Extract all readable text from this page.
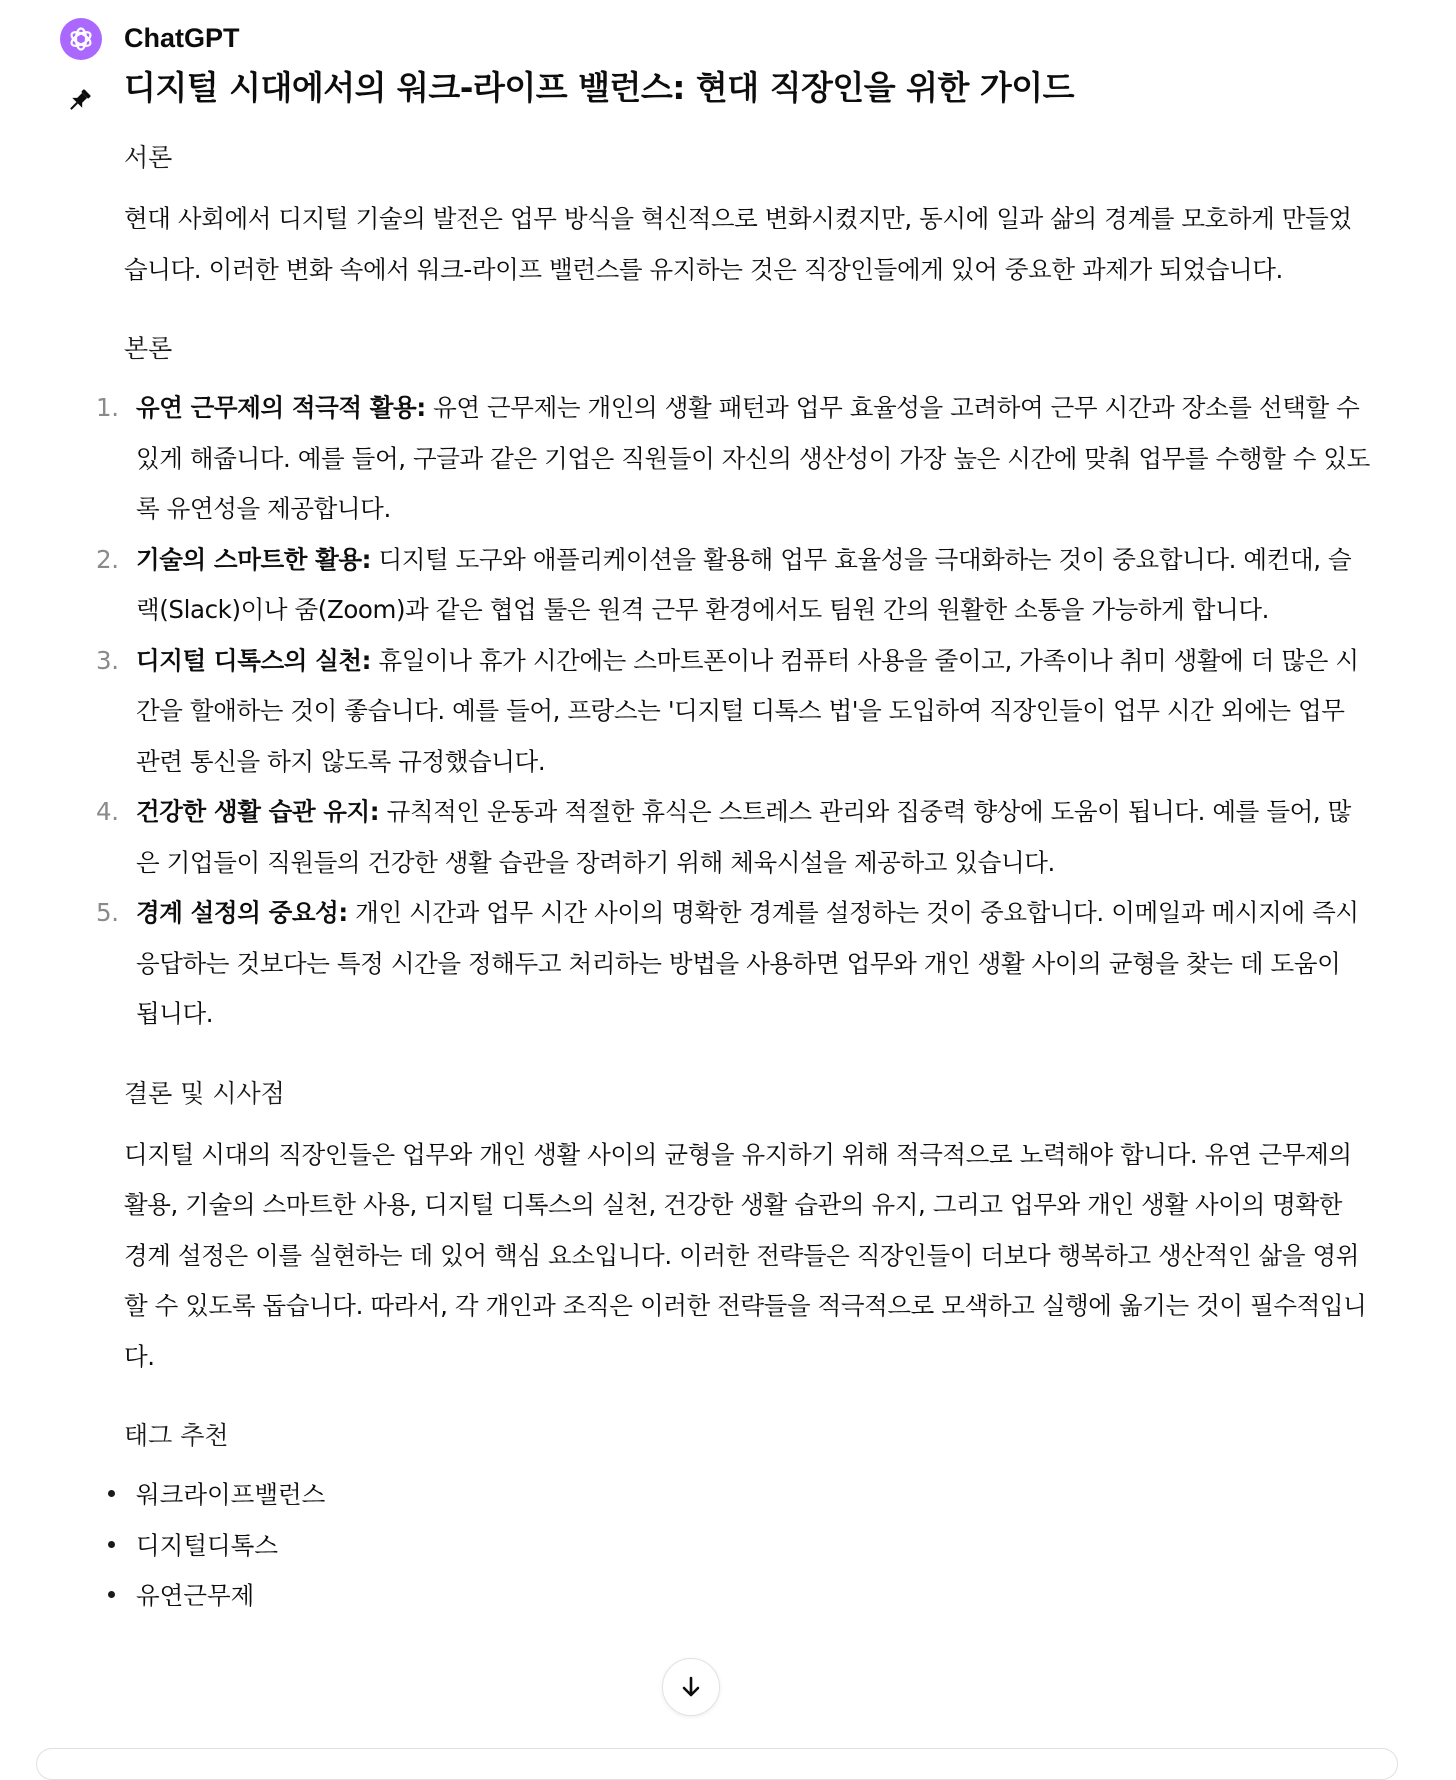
ChatGPT
디지털 시대에서의 워크-라이프 밸런스: 현대 직장인을 위한 가이드

서론

현대 사회에서 디지털 기술의 발전은 업무 방식을 혁신적으로 변화시켰지만, 동시에 일과 삶의 경계를 모호하게 만들었습니다. 이러한 변화 속에서 워크-라이프 밸런스를 유지하는 것은 직장인들에게 있어 중요한 과제가 되었습니다.

본론

1. 유연 근무제의 적극적 활용: 유연 근무제는 개인의 생활 패턴과 업무 효율성을 고려하여 근무 시간과 장소를 선택할 수 있게 해줍니다. 예를 들어, 구글과 같은 기업은 직원들이 자신의 생산성이 가장 높은 시간에 맞춰 업무를 수행할 수 있도록 유연성을 제공합니다.
2. 기술의 스마트한 활용: 디지털 도구와 애플리케이션을 활용해 업무 효율성을 극대화하는 것이 중요합니다. 예컨대, 슬랙(Slack)이나 줌(Zoom)과 같은 협업 툴은 원격 근무 환경에서도 팀원 간의 원활한 소통을 가능하게 합니다.
3. 디지털 디톡스의 실천: 휴일이나 휴가 시간에는 스마트폰이나 컴퓨터 사용을 줄이고, 가족이나 취미 생활에 더 많은 시간을 할애하는 것이 좋습니다. 예를 들어, 프랑스는 '디지털 디톡스 법'을 도입하여 직장인들이 업무 시간 외에는 업무 관련 통신을 하지 않도록 규정했습니다.
4. 건강한 생활 습관 유지: 규칙적인 운동과 적절한 휴식은 스트레스 관리와 집중력 향상에 도움이 됩니다. 예를 들어, 많은 기업들이 직원들의 건강한 생활 습관을 장려하기 위해 체육시설을 제공하고 있습니다.
5. 경계 설정의 중요성: 개인 시간과 업무 시간 사이의 명확한 경계를 설정하는 것이 중요합니다. 이메일과 메시지에 즉시 응답하는 것보다는 특정 시간을 정해두고 처리하는 방법을 사용하면 업무와 개인 생활 사이의 균형을 찾는 데 도움이 됩니다.

결론 및 시사점

디지털 시대의 직장인들은 업무와 개인 생활 사이의 균형을 유지하기 위해 적극적으로 노력해야 합니다. 유연 근무제의 활용, 기술의 스마트한 사용, 디지털 디톡스의 실천, 건강한 생활 습관의 유지, 그리고 업무와 개인 생활 사이의 명확한 경계 설정은 이를 실현하는 데 있어 핵심 요소입니다. 이러한 전략들은 직장인들이 더보다 행복하고 생산적인 삶을 영위할 수 있도록 돕습니다. 따라서, 각 개인과 조직은 이러한 전략들을 적극적으로 모색하고 실행에 옮기는 것이 필수적입니다.

태그 추천

워크라이프밸런스
디지털디톡스
유연근무제
